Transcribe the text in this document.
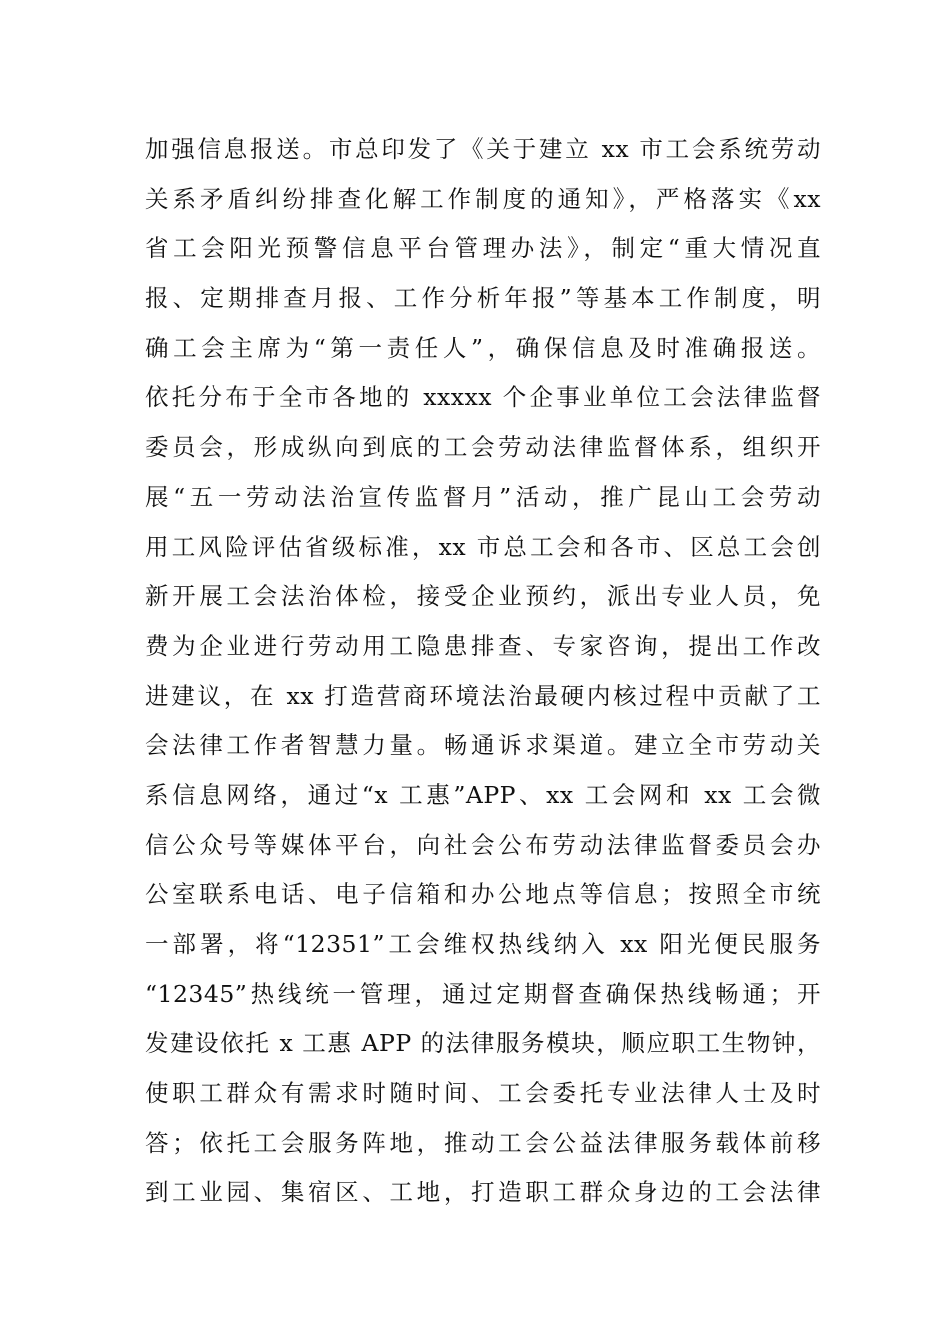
加强信息报送。市总印发了《关于建立 xx 市工会系统劳动
关系矛盾纠纷排查化解工作制度的通知》，严格落实《xx
省工会阳光预警信息平台管理办法》，制定“重大情况直
报、定期排查月报、工作分析年报”等基本工作制度，明
确工会主席为“第一责任人”，确保信息及时准确报送。
依托分布于全市各地的 xxxxx 个企事业单位工会法律监督
委员会，形成纵向到底的工会劳动法律监督体系，组织开
展“五一劳动法治宣传监督月”活动，推广昆山工会劳动
用工风险评估省级标准，xx 市总工会和各市、区总工会创
新开展工会法治体检，接受企业预约，派出专业人员，免
费为企业进行劳动用工隐患排查、专家咨询，提出工作改
进建议，在 xx 打造营商环境法治最硬内核过程中贡献了工
会法律工作者智慧力量。畅通诉求渠道。建立全市劳动关
系信息网络，通过“x 工惠”APP、xx 工会网和 xx 工会微
信公众号等媒体平台，向社会公布劳动法律监督委员会办
公室联系电话、电子信箱和办公地点等信息；按照全市统
一部署，将“12351”工会维权热线纳入 xx 阳光便民服务
“12345”热线统一管理，通过定期督查确保热线畅通；开
发建设依托 x 工惠 APP 的法律服务模块，顺应职工生物钟，
使职工群众有需求时随时间、工会委托专业法律人士及时
答；依托工会服务阵地，推动工会公益法律服务载体前移
到工业园、集宿区、工地，打造职工群众身边的工会法律
